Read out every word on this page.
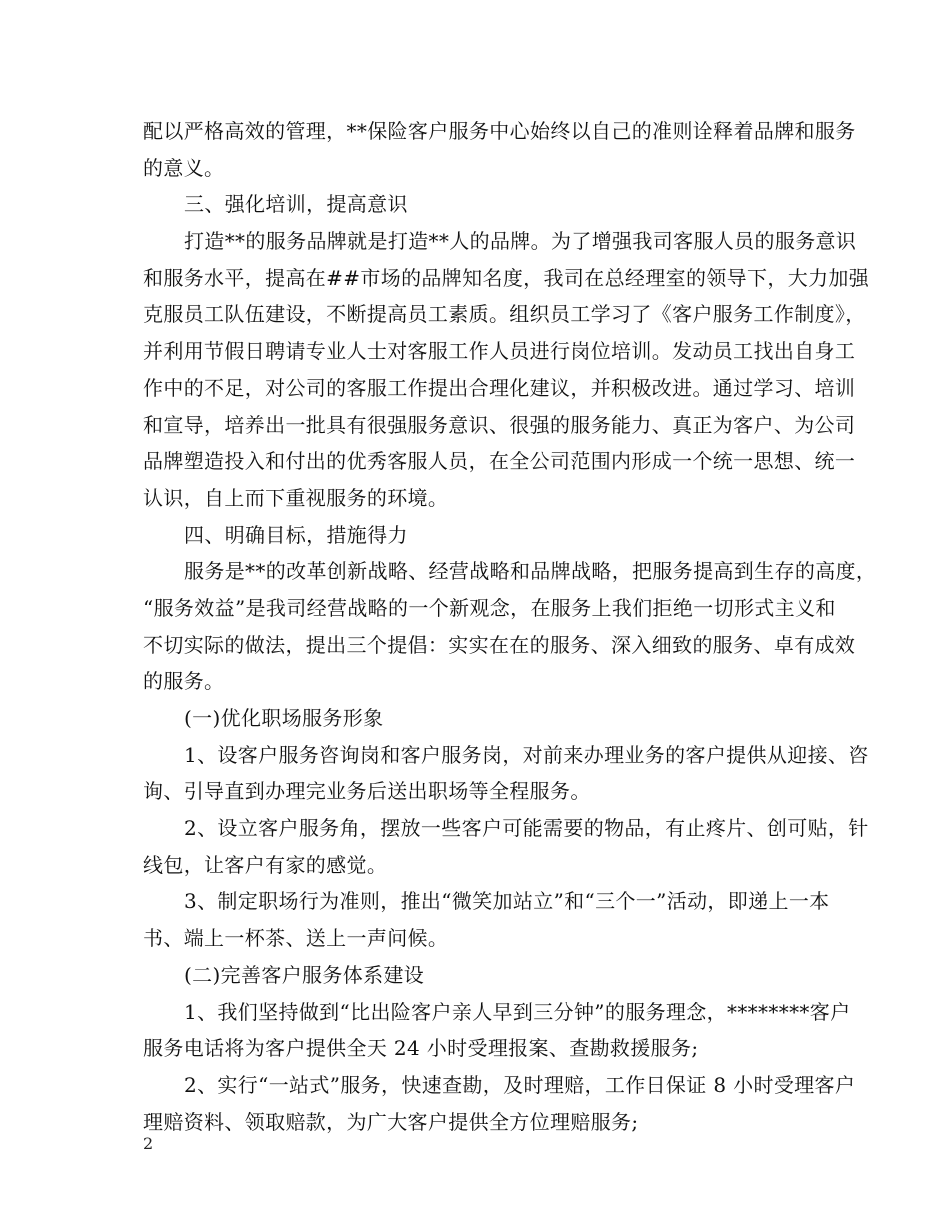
配以严格高效的管理，**保险客户服务中心始终以自己的准则诠释着品牌和服务
的意义。
三、强化培训，提高意识
打造**的服务品牌就是打造**人的品牌。为了增强我司客服人员的服务意识
和服务水平，提高在##市场的品牌知名度，我司在总经理室的领导下，大力加强
克服员工队伍建设，不断提高员工素质。组织员工学习了《客户服务工作制度》，
并利用节假日聘请专业人士对客服工作人员进行岗位培训。发动员工找出自身工
作中的不足，对公司的客服工作提出合理化建议，并积极改进。通过学习、培训
和宣导，培养出一批具有很强服务意识、很强的服务能力、真正为客户、为公司
品牌塑造投入和付出的优秀客服人员，在全公司范围内形成一个统一思想、统一
认识，自上而下重视服务的环境。
四、明确目标，措施得力
服务是**的改革创新战略、经营战略和品牌战略，把服务提高到生存的高度，
“服务效益”是我司经营战略的一个新观念，在服务上我们拒绝一切形式主义和
不切实际的做法，提出三个提倡：实实在在的服务、深入细致的服务、卓有成效
的服务。
(一)优化职场服务形象
1、设客户服务咨询岗和客户服务岗，对前来办理业务的客户提供从迎接、咨
询、引导直到办理完业务后送出职场等全程服务。
2、设立客户服务角，摆放一些客户可能需要的物品，有止疼片、创可贴，针
线包，让客户有家的感觉。
3、制定职场行为准则，推出“微笑加站立”和“三个一”活动，即递上一本
书、端上一杯茶、送上一声问候。
(二)完善客户服务体系建设
1、我们坚持做到“比出险客户亲人早到三分钟”的服务理念，********客户
服务电话将为客户提供全天 24 小时受理报案、查勘救援服务;
2、实行“一站式”服务，快速查勘，及时理赔，工作日保证 8 小时受理客户
理赔资料、领取赔款，为广大客户提供全方位理赔服务;
2
